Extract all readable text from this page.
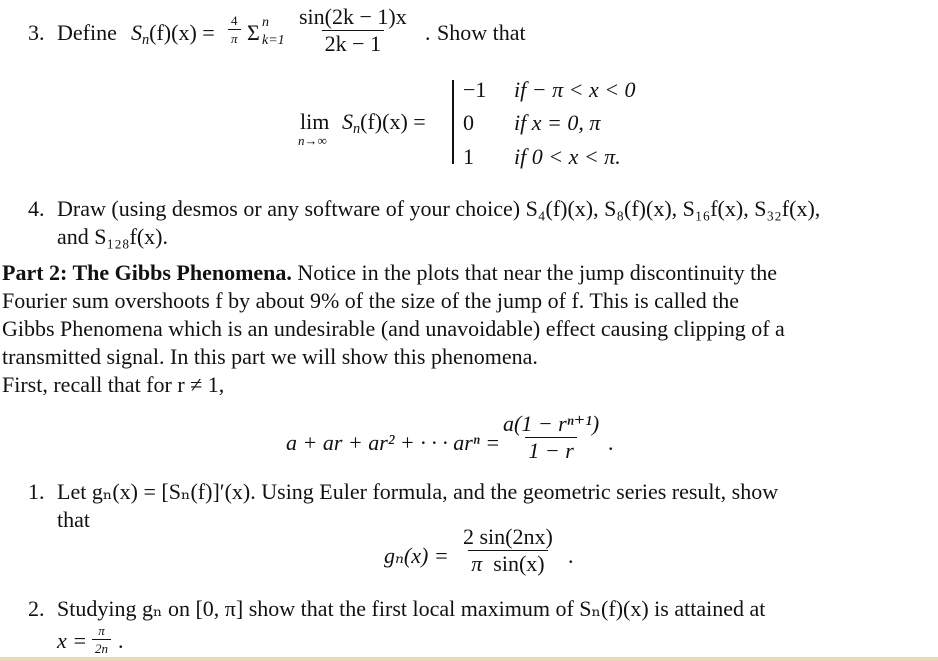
3. Define $S_n(f)(x) = \frac{4}{\pi}$ Σ n
$k=1 \frac{\sin(2k - 1)x}{2k - 1}$ . Show that
lim
n→∞
$S_n(f)(x)$ =
−1 if − π < x < 0
0 if x = 0, π
1 if 0 < x < π.
4. Draw (using desmos or any software of your choice) S₄(f)(x), S₈(f)(x), S₁₆f(x), S₃₂f(x),
and S₁₂₈f(x).
Part 2: The Gibbs Phenomena. Notice in the plots that near the jump discontinuity the
Fourier sum overshoots f by about 9% of the size of the jump of f. This is called the
Gibbs Phenomena which is an undesirable (and unavoidable) effect causing clipping of a
transmitted signal. In this part we will show this phenomena.
First, recall that for r ≠ 1,
a + ar + ar² + · · · $ar^n = \frac{\text{a(1 − rⁿ⁺¹)}}{1 - r}$ .
1. Let gₙ(x) = [Sₙ(f)]′(x). Using Euler formula, and the geometric series result, show
that
$g_n(x) = \frac{2 \sin(2nx)}{\text{π sin(x)}}$ .
2. Studying gₙ on [0, π] show that the first local maximum of Sₙ(f)(x) is attained at
$x = \frac{\pi}{2n}$ .
